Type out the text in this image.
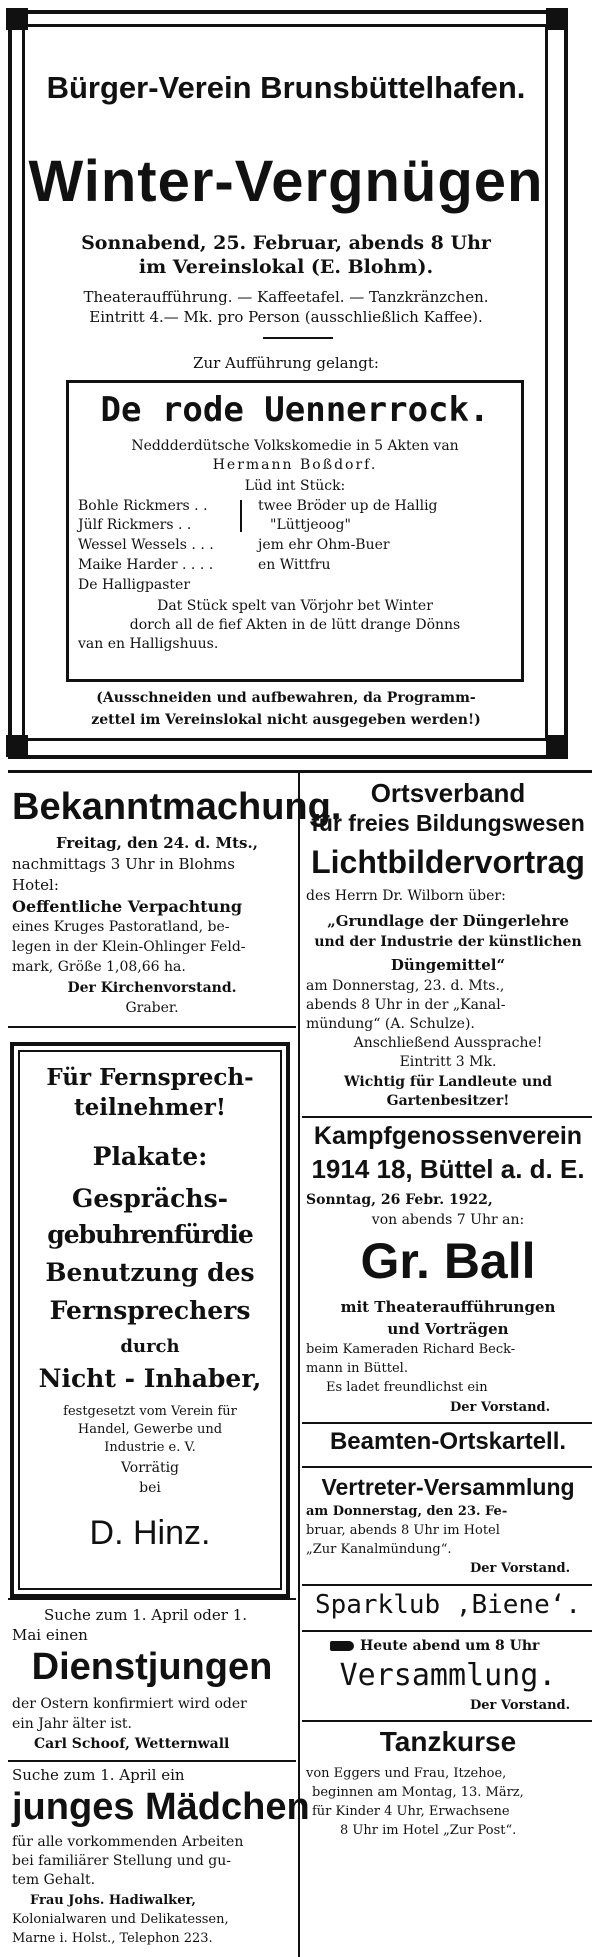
Bürger-Verein Brunsbüttelhafen.
Winter-Vergnügen
Sonnabend, 25. Februar, abends 8 Uhr
im Vereinslokal (E. Blohm).
Theateraufführung. — Kaffeetafel. — Tanzkränzchen.
Eintritt 4.— Mk. pro Person (ausschließlich Kaffee).
Zur Aufführung gelangt:
De rode Uennerrock.
Neddderdütsche Volkskomedie in 5 Akten van
Hermann Boßdorf.
Lüd int Stück:
Bohle Rickmers . .	twee Bröder up de Hallig
Jülf Rickmers . .	"Lüttjeoog"
Wessel Wessels . . .	jem ehr Ohm-Buer
Maike Harder . . . .	en Wittfru
De Halligpaster
Dat Stück spelt van Vörjohr bet Winter
dorch all de fief Akten in de lütt drange Dönns
van en Halligshuus.
(Ausschneiden und aufbewahren, da Programm-
zettel im Vereinslokal nicht ausgegeben werden!)
Bekanntmachung.
Freitag, den 24. d. Mts.,
nachmittags 3 Uhr in Blohms
Hotel:
Oeffentliche Verpachtung
eines Kruges Pastoratland, be-
legen in der Klein-Ohlinger Feld-
mark, Größe 1,08,66 ha.
Der Kirchenvorstand.
Graber.
Für Fernsprech-
teilnehmer!
Plakate:
Gesprächs-
gebuhrenfürdie
Benutzung des
Fernsprechers
durch
Nicht - Inhaber,
festgesetzt vom Verein für
Handel, Gewerbe und
Industrie e. V.
Vorrätig
bei
D. Hinz.
Suche zum 1. April oder 1.
Mai einen
Dienstjungen
der Ostern konfirmiert wird oder
ein Jahr älter ist.
Carl Schoof, Wetternwall
Suche zum 1. April ein
junges Mädchen
für alle vorkommenden Arbeiten
bei familiärer Stellung und gu-
tem Gehalt.
Frau Johs. Hadiwalker,
Kolonialwaren und Delikatessen,
Marne i. Holst., Telephon 223.
Ortsverband
für freies Bildungswesen
Lichtbildervortrag
des Herrn Dr. Wilborn über:
„Grundlage der Düngerlehre
und der Industrie der künstlichen
Düngemittel“
am Donnerstag, 23. d. Mts.,
abends 8 Uhr in der „Kanal-
mündung“ (A. Schulze).
Anschließend Aussprache!
Eintritt 3 Mk.
Wichtig für Landleute und
Gartenbesitzer!
Kampfgenossenverein
1914 18, Büttel a. d. E.
Sonntag, 26 Febr. 1922,
von abends 7 Uhr an:
Gr. Ball
mit Theateraufführungen
und Vorträgen
beim Kameraden Richard Beck-
mann in Büttel.
Es ladet freundlichst ein
Der Vorstand.
Beamten-Ortskartell.
Vertreter-Versammlung
am Donnerstag, den 23. Fe-
bruar, abends 8 Uhr im Hotel
„Zur Kanalmündung“.
Der Vorstand.
Sparklub ‚Biene‘.
Heute abend um 8 Uhr
Versammlung.
Der Vorstand.
Tanzkurse
von Eggers und Frau, Itzehoe,
beginnen am Montag, 13. März,
für Kinder 4 Uhr, Erwachsene
8 Uhr im Hotel „Zur Post“.
